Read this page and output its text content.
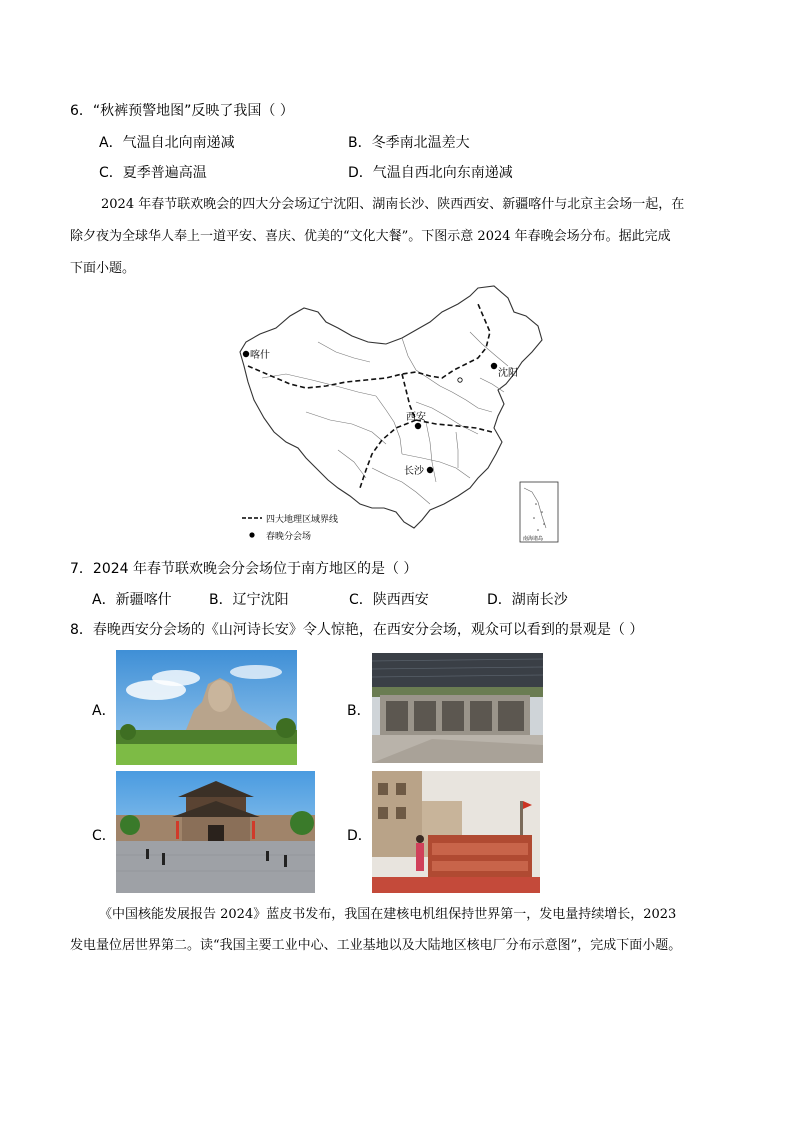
6．“秋裤预警地图”反映了我国（ ）
A．气温自北向南递减	B．冬季南北温差大
C．夏季普遍高温	D．气温自西北向东南递减
2024 年春节联欢晚会的四大分会场辽宁沈阳、湖南长沙、陕西西安、新疆喀什与北京主会场一起，在
除夕夜为全球华人奉上一道平安、喜庆、优美的“文化大餐”。下图示意 2024 年春晚会场分布。据此完成
下面小题。
喀什
沈阳
西安
长沙
四大地理区域界线
春晚分会场	南海诸岛
7．2024 年春节联欢晚会分会场位于南方地区的是（ ）
A．新疆喀什	B．辽宁沈阳	C．陕西西安	D．湖南长沙
8．春晚西安分会场的《山河诗长安》令人惊艳，在西安分会场，观众可以看到的景观是（ ）
A．	B．
C．	D．
《中国核能发展报告 2024》蓝皮书发布，我国在建核电机组保持世界第一，发电量持续增长，2023
发电量位居世界第二。读“我国主要工业中心、工业基地以及大陆地区核电厂分布示意图”，完成下面小题。
